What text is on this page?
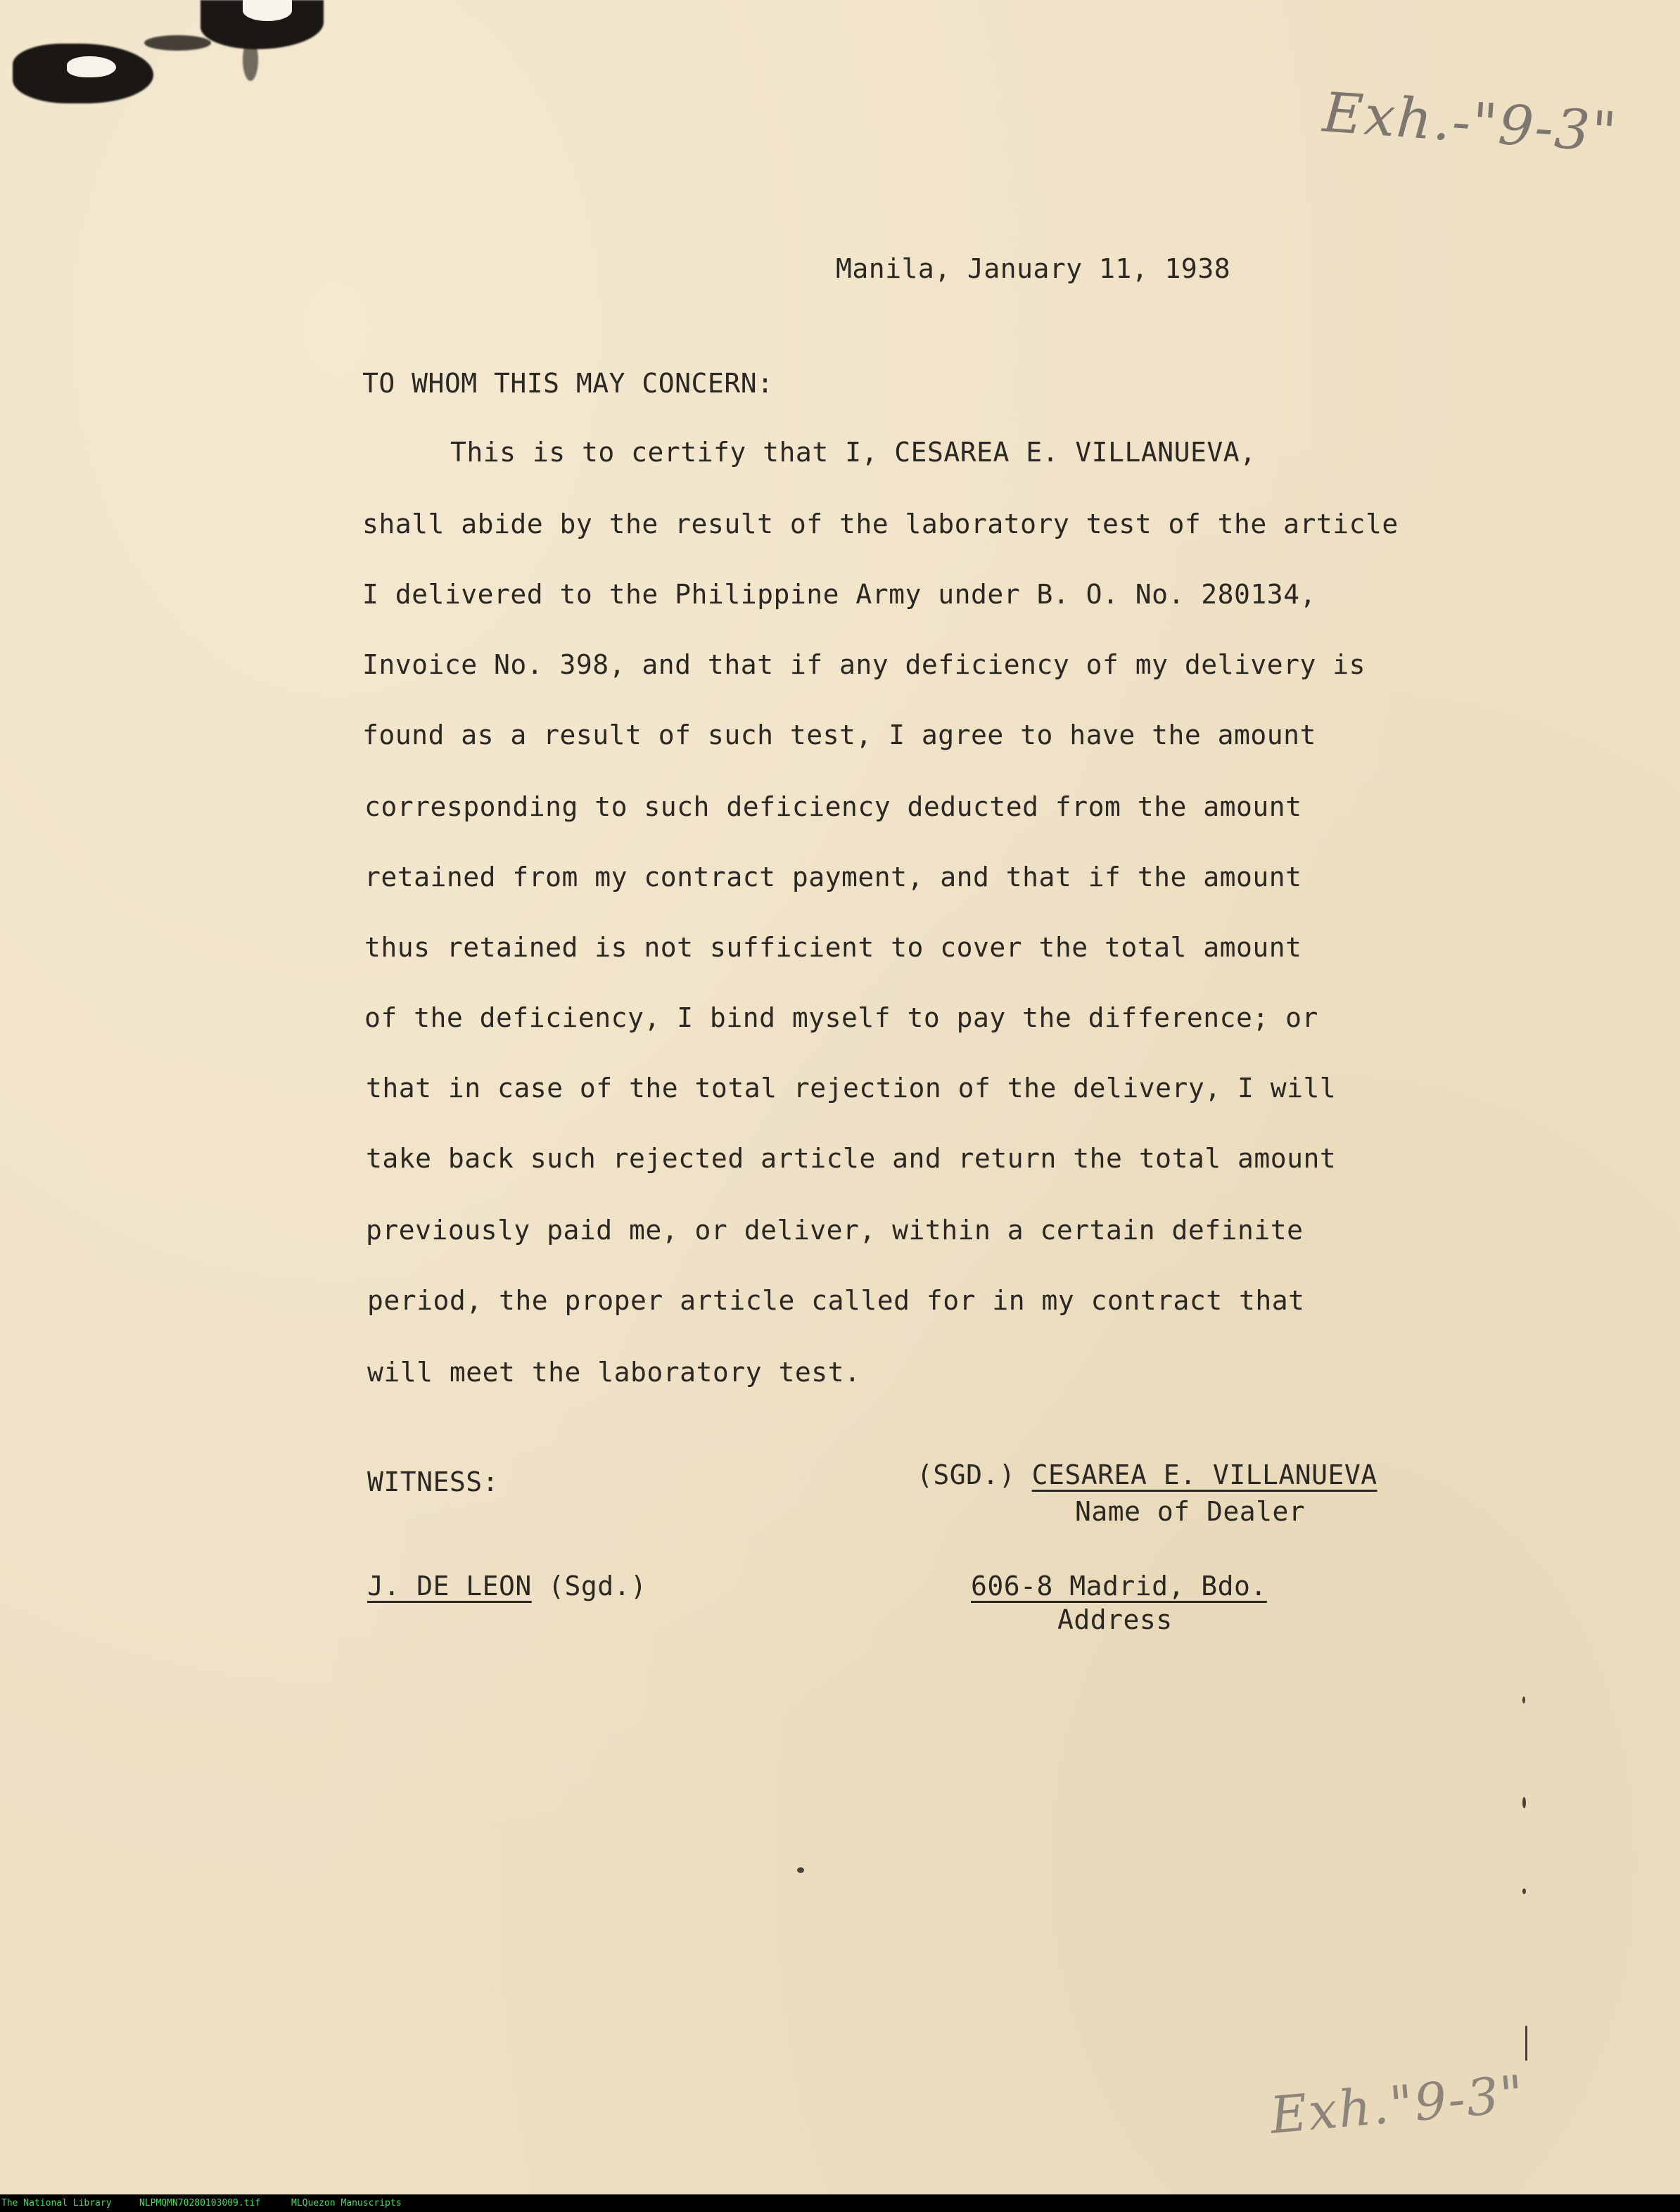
Exh.-"9-3"
Manila, January 11, 1938
TO WHOM THIS MAY CONCERN:
This is to certify that I, CESAREA E. VILLANUEVA,
shall abide by the result of the laboratory test of the article
I delivered to the Philippine Army under B. O. No. 280134,
Invoice No. 398, and that if any deficiency of my delivery is
found as a result of such test, I agree to have the amount
corresponding to such deficiency deducted from the amount
retained from my contract payment, and that if the amount
thus retained is not sufficient to cover the total amount
of the deficiency, I bind myself to pay the difference; or
that in case of the total rejection of the delivery, I will
take back such rejected article and return the total amount
previously paid me, or deliver, within a certain definite
period, the proper article called for in my contract that
will meet the laboratory test.
WITNESS:	(SGD.) CESAREA E. VILLANUEVA
Name of Dealer
J. DE LEON (Sgd.)	606-8 Madrid, Bdo.
Address
Exh."9-3"
The National Library	NLPMQMN70280103009.tif	MLQuezon Manuscripts
